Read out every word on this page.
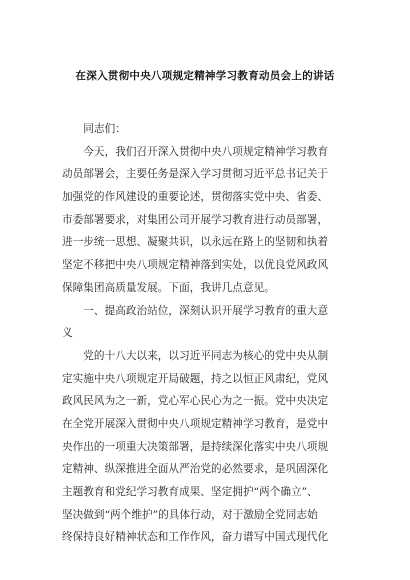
在深入贯彻中央八项规定精神学习教育动员会上的讲话
　　同志们：
　　今天，我们召开深入贯彻中央八项规定精神学习教育
动员部署会，主要任务是深入学习贯彻习近平总书记关于
加强党的作风建设的重要论述，贯彻落实党中央、省委、
市委部署要求，对集团公司开展学习教育进行动员部署，
进一步统一思想、凝聚共识，以永远在路上的坚韧和执着
坚定不移把中央八项规定精神落到实处，以优良党风政风
保障集团高质量发展。下面，我讲几点意见。
　　一、提高政治站位，深刻认识开展学习教育的重大意
义
　　党的十八大以来，以习近平同志为核心的党中央从制
定实施中央八项规定开局破题，持之以恒正风肃纪，党风
政风民风为之一新，党心军心民心为之一振。党中央决定
在全党开展深入贯彻中央八项规定精神学习教育，是党中
央作出的一项重大决策部署，是持续深化落实中央八项规
定精神、纵深推进全面从严治党的必然要求，是巩固深化
主题教育和党纪学习教育成果、坚定拥护“两个确立”、
坚决做到“两个维护”的具体行动，对于激励全党同志始
终保持良好精神状态和工作作风，奋力谱写中国式现代化
